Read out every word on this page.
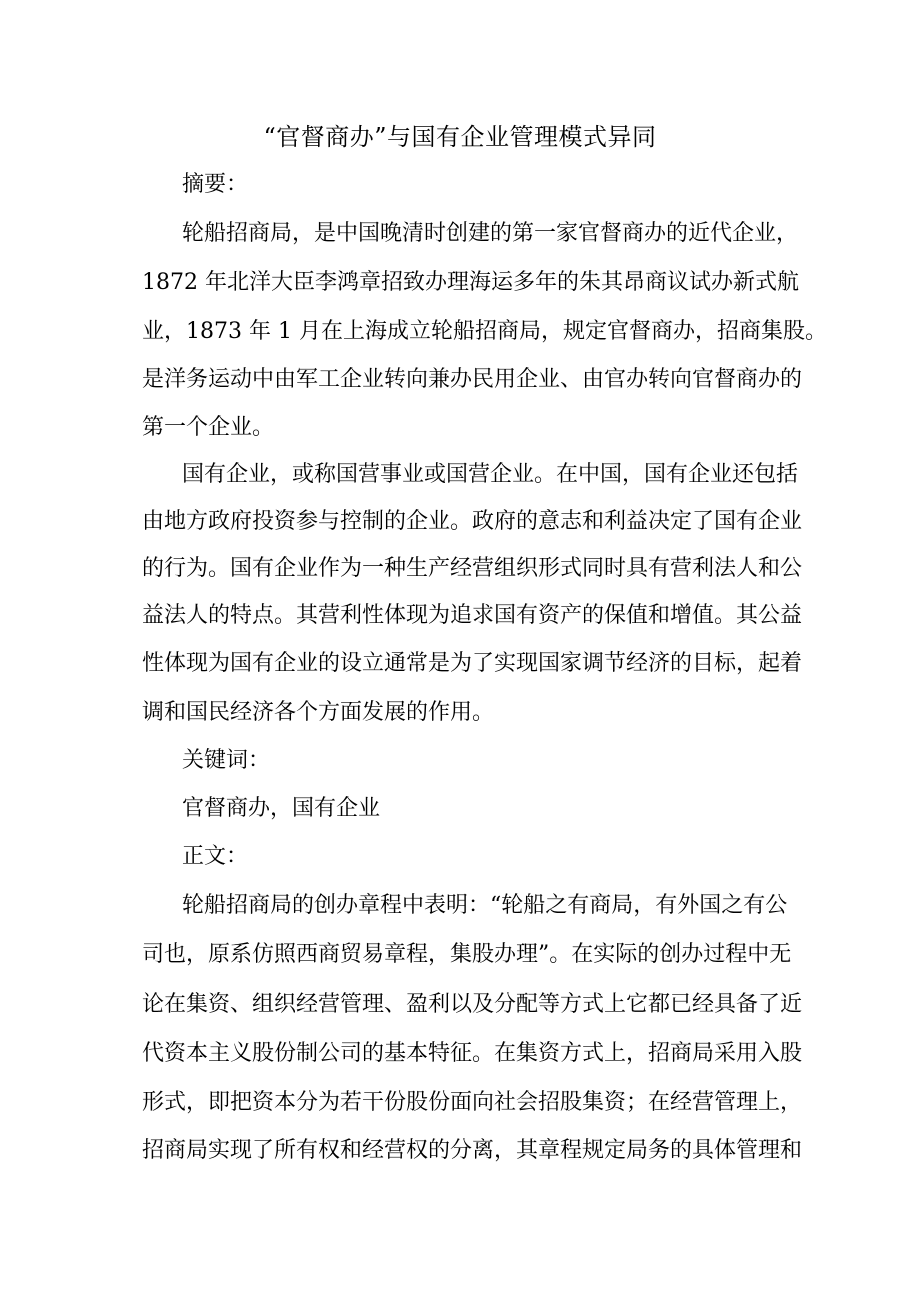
“官督商办”与国有企业管理模式异同
摘要：
轮船招商局，是中国晚清时创建的第一家官督商办的近代企业，
1872 年北洋大臣李鸿章招致办理海运多年的朱其昂商议试办新式航
业，1873 年 1 月在上海成立轮船招商局，规定官督商办，招商集股。
是洋务运动中由军工企业转向兼办民用企业、由官办转向官督商办的
第一个企业。
国有企业，或称国营事业或国营企业。在中国，国有企业还包括
由地方政府投资参与控制的企业。政府的意志和利益决定了国有企业
的行为。国有企业作为一种生产经营组织形式同时具有营利法人和公
益法人的特点。其营利性体现为追求国有资产的保值和增值。其公益
性体现为国有企业的设立通常是为了实现国家调节经济的目标，起着
调和国民经济各个方面发展的作用。
关键词：
官督商办，国有企业
正文：
轮船招商局的创办章程中表明：“轮船之有商局，有外国之有公
司也，原系仿照西商贸易章程，集股办理”。在实际的创办过程中无
论在集资、组织经营管理、盈利以及分配等方式上它都已经具备了近
代资本主义股份制公司的基本特征。在集资方式上，招商局采用入股
形式，即把资本分为若干份股份面向社会招股集资；在经营管理上，
招商局实现了所有权和经营权的分离，其章程规定局务的具体管理和
